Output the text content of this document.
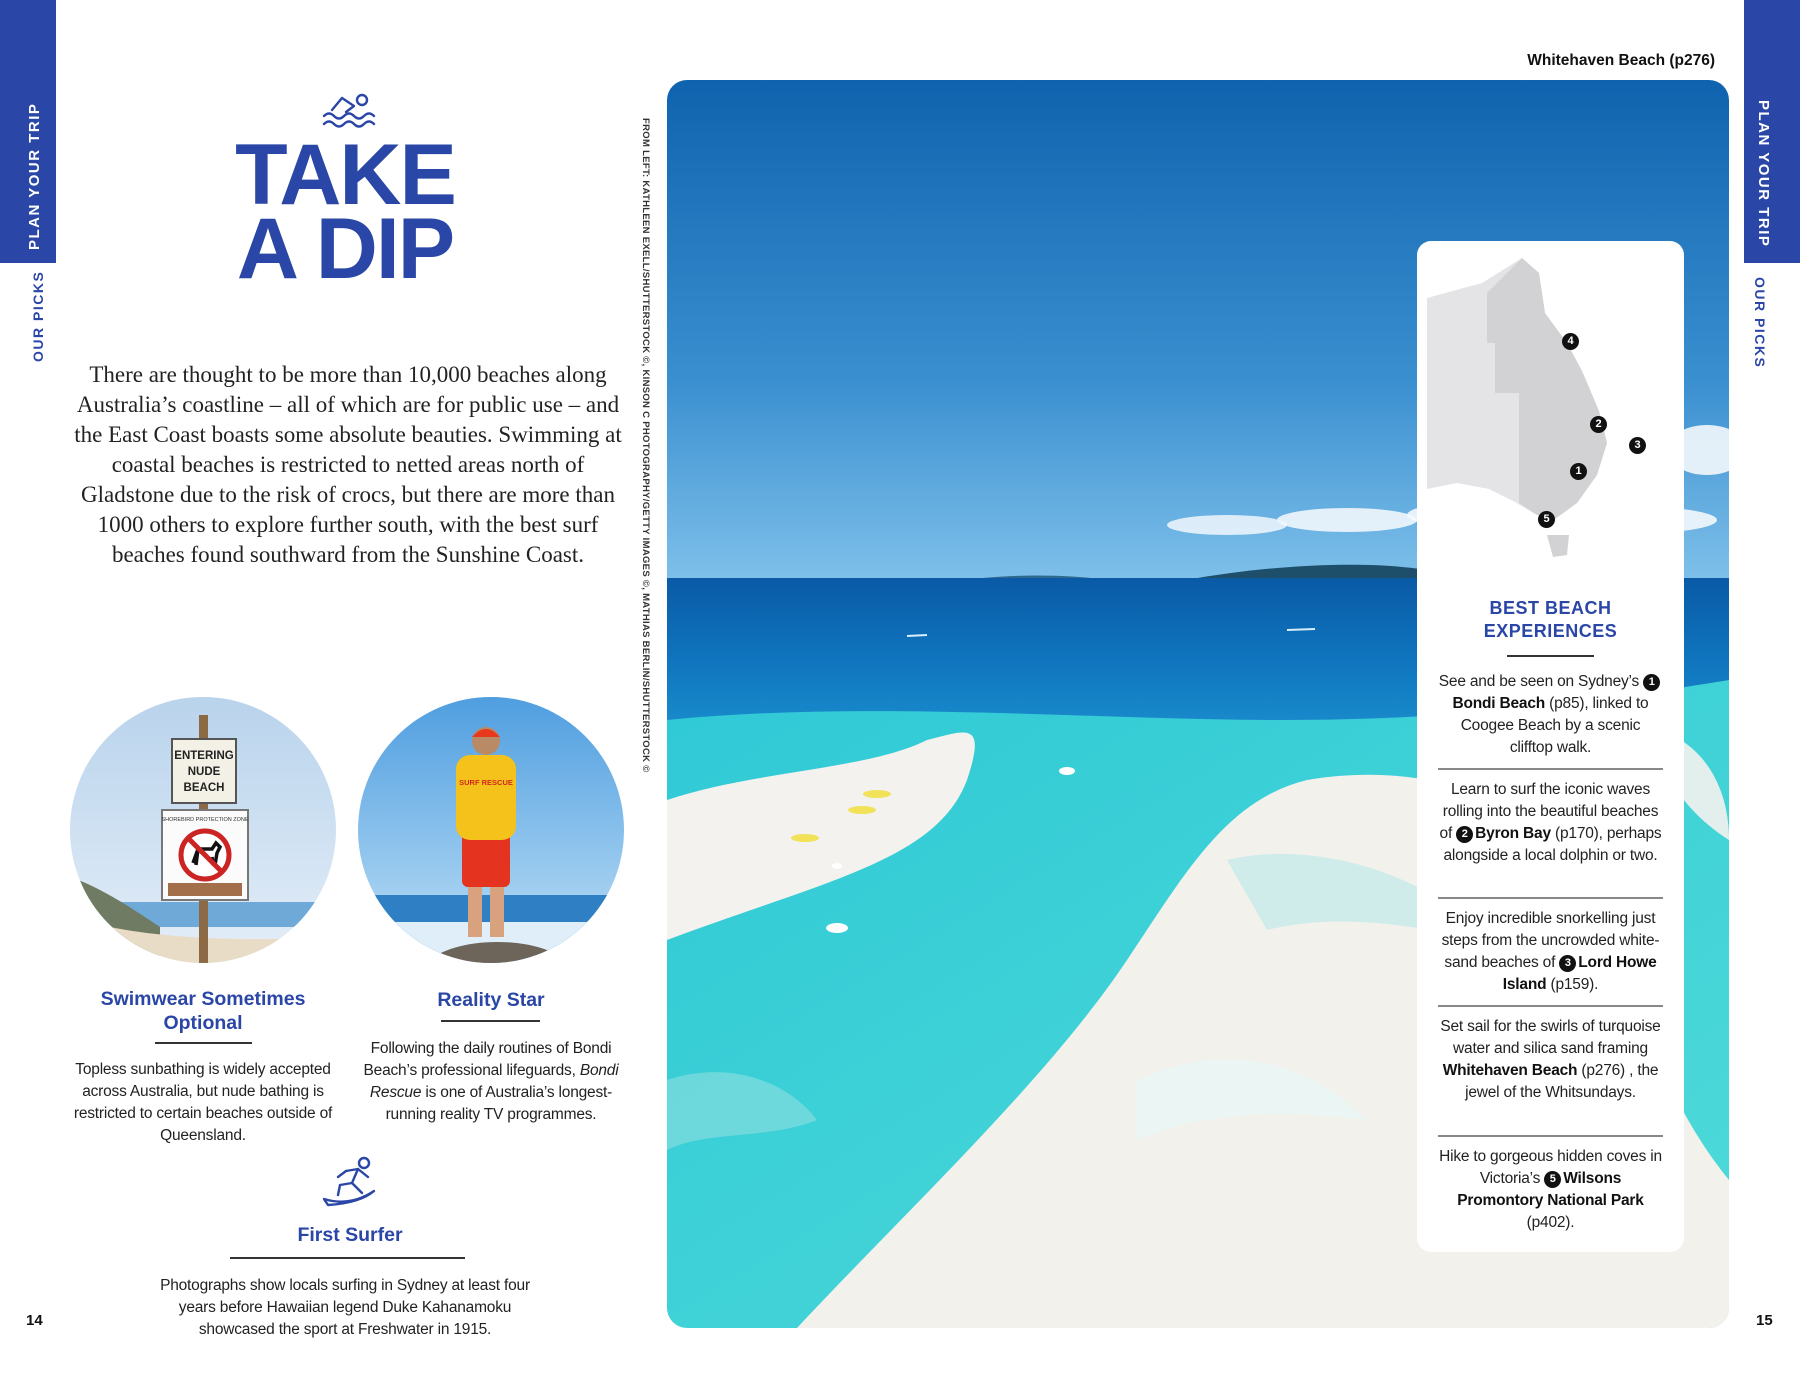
PLAN YOUR TRIP
OUR PICKS
PLAN YOUR TRIP
OUR PICKS
14	15
TAKE
A DIP
There are thought to be more than 10,000 beaches along Australia’s coastline – all of which are for public use – and the East Coast boasts some absolute beauties. Swimming at coastal beaches is restricted to netted areas north of Gladstone due to the risk of crocs, but there are more than 1000 others to explore further south, with the best surf beaches found southward from the Sunshine Coast.	FROM LEFT: KATHLEEN EXELL/SHUTTERSTOCK ©, KINSON C PHOTOGRAPHY/GETTY IMAGES ©, MATHIAS BERLIN/SHUTTERSTOCK ©
ENTERING
NUDE
BEACH
SHOREBIRD PROTECTION ZONE
SURF RESCUE
Swimwear Sometimes Optional
Topless sunbathing is widely accepted across Australia, but nude bathing is restricted to certain beaches outside of Queensland.
Reality Star
Following the daily routines of Bondi Beach’s professional lifeguards, Bondi Rescue is one of Australia’s longest-running reality TV programmes.
First Surfer
Photographs show locals surfing in Sydney at least four years before Hawaiian legend Duke Kahanamoku showcased the sport at Freshwater in 1915.
Whitehaven Beach (p276)
4
2
3
1
5
BEST BEACH
EXPERIENCES
See and be seen on Sydney’s 1Bondi Beach (p85), linked to Coogee Beach by a scenic clifftop walk.
Learn to surf the iconic waves rolling into the beautiful beaches of 2 Byron Bay (p170), perhaps alongside a local dolphin or two.
Enjoy incredible snorkelling just steps from the uncrowded white-sand beaches of 3 Lord Howe Island (p159).
Set sail for the swirls of turquoise water and silica sand framing Whitehaven Beach (p276) , the jewel of the Whitsundays.
Hike to gorgeous hidden coves in Victoria’s 5 Wilsons Promontory National Park (p402).
